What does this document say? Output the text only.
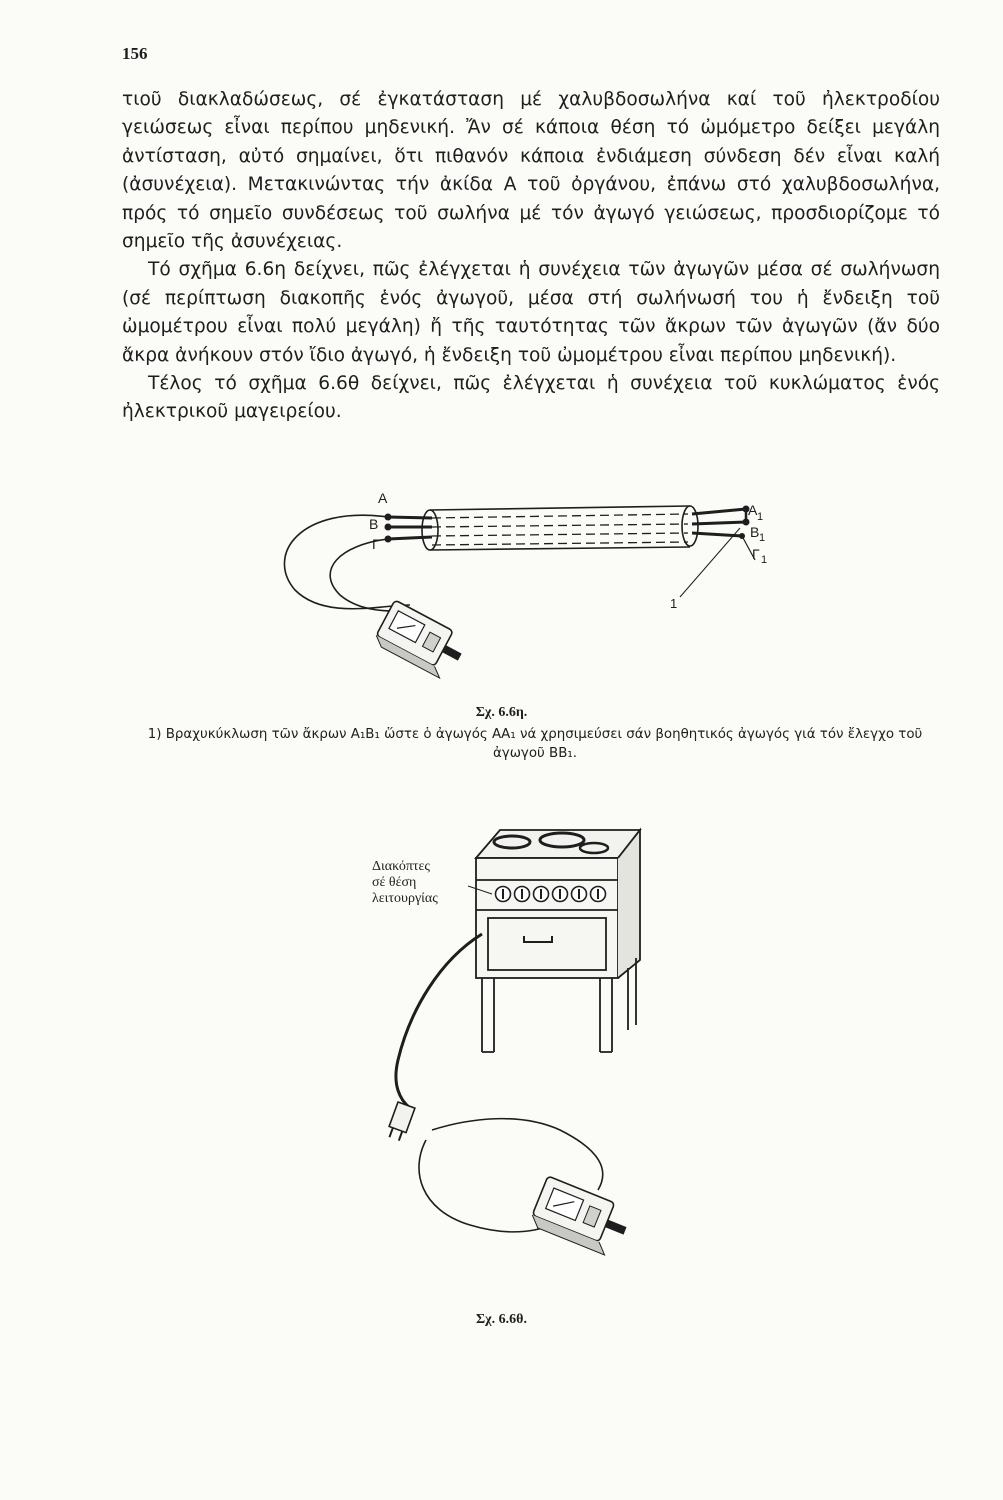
156

τιοῦ διακλαδώσεως, σέ ἐγκατάσταση μέ χαλυβδοσωλήνα καί τοῦ ἠλεκτροδίου γειώσεως εἶναι περίπου μηδενική. Ἄν σέ κάποια θέση τό ὠμόμετρο δείξει μεγάλη ἀντίσταση, αὐτό σημαίνει, ὅτι πιθανόν κάποια ἐνδιάμεση σύνδεση δέν εἶναι καλή (ἀσυνέχεια). Μετακινώντας τήν ἀκίδα Α τοῦ ὀργάνου, ἐπάνω στό χαλυβδοσωλήνα, πρός τό σημεῖο συνδέσεως τοῦ σωλήνα μέ τόν ἀγωγό γειώσεως, προσδιορίζομε τό σημεῖο τῆς ἀσυνέχειας.

Τό σχῆμα 6.6η δείχνει, πῶς ἐλέγχεται ἡ συνέχεια τῶν ἀγωγῶν μέσα σέ σωλήνωση (σέ περίπτωση διακοπῆς ἑνός ἀγωγοῦ, μέσα στή σωλήνωσή του ἡ ἔνδειξη τοῦ ὠμομέτρου εἶναι πολύ μεγάλη) ἤ τῆς ταυτότητας τῶν ἄκρων τῶν ἀγωγῶν (ἄν δύο ἄκρα ἀνήκουν στόν ἴδιο ἀγωγό, ἡ ἔνδειξη τοῦ ὠμομέτρου εἶναι περίπου μηδενική).

Τέλος τό σχῆμα 6.6θ δείχνει, πῶς ἐλέγχεται ἡ συνέχεια τοῦ κυκλώματος ἑνός ἠλεκτρικοῦ μαγειρείου.

Α
Β
Γ
Α
Β
Γ
1
1
1
1
Διακόπτες
σέ θέση
λειτουργίας
Σχ. 6.6η.
1) Βραχυκύκλωση τῶν ἄκρων Α₁Β₁ ὥστε ὁ ἀγωγός ΑΑ₁ νά χρησιμεύσει σάν βοηθητικός ἀγωγός γιά τόν ἔλεγχο τοῦ ἀγωγοῦ ΒΒ₁.
Σχ. 6.6θ.
